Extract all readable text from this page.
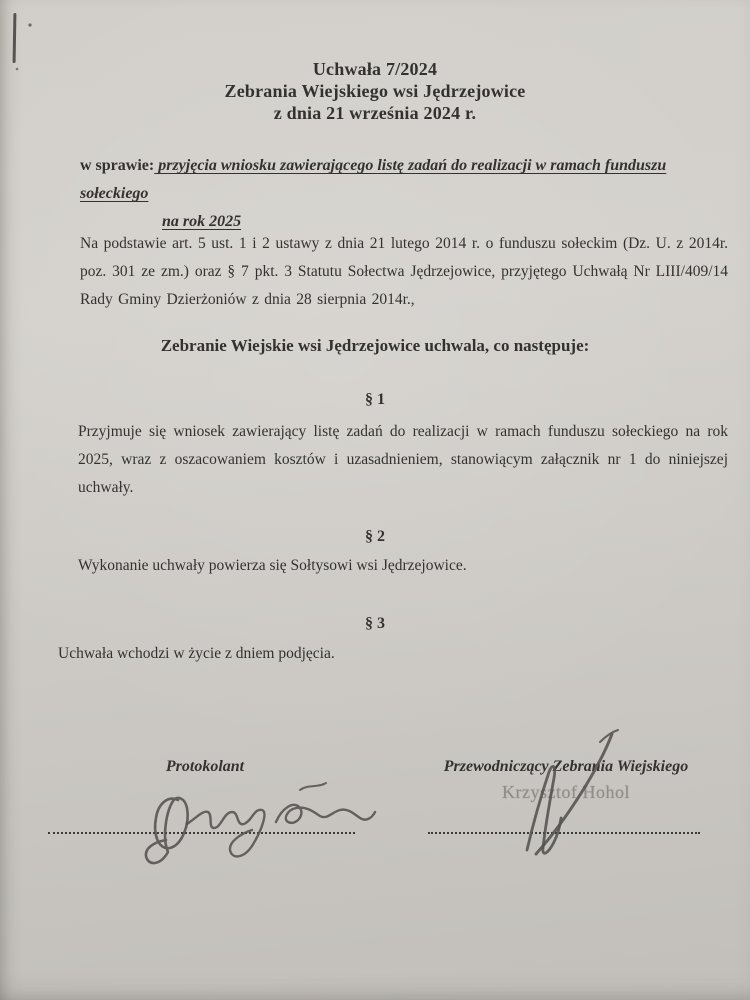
Uchwała 7/2024
Zebrania Wiejskiego wsi Jędrzejowice
z dnia 21 września 2024 r.
w sprawie: przyjęcia wniosku zawierającego listę zadań do realizacji w ramach funduszu sołeckiego
na rok 2025
Na podstawie art. 5 ust. 1 i 2 ustawy z dnia 21 lutego 2014 r. o funduszu sołeckim (Dz. U. z 2014r. poz. 301 ze zm.) oraz § 7 pkt. 3 Statutu Sołectwa Jędrzejowice, przyjętego Uchwałą Nr LIII/409/14 Rady Gminy Dzierżoniów z dnia 28 sierpnia 2014r.,
Zebranie Wiejskie wsi Jędrzejowice uchwala, co następuje:
§ 1
Przyjmuje się wniosek zawierający listę zadań do realizacji w ramach funduszu sołeckiego na rok 2025, wraz z oszacowaniem kosztów i uzasadnieniem, stanowiącym załącznik nr 1 do niniejszej uchwały.
§ 2
Wykonanie uchwały powierza się Sołtysowi wsi Jędrzejowice.
§ 3
Uchwała wchodzi w życie z dniem podjęcia.
Protokolant	Przewodniczący Zebrania Wiejskiego
Krzysztof Hohol
